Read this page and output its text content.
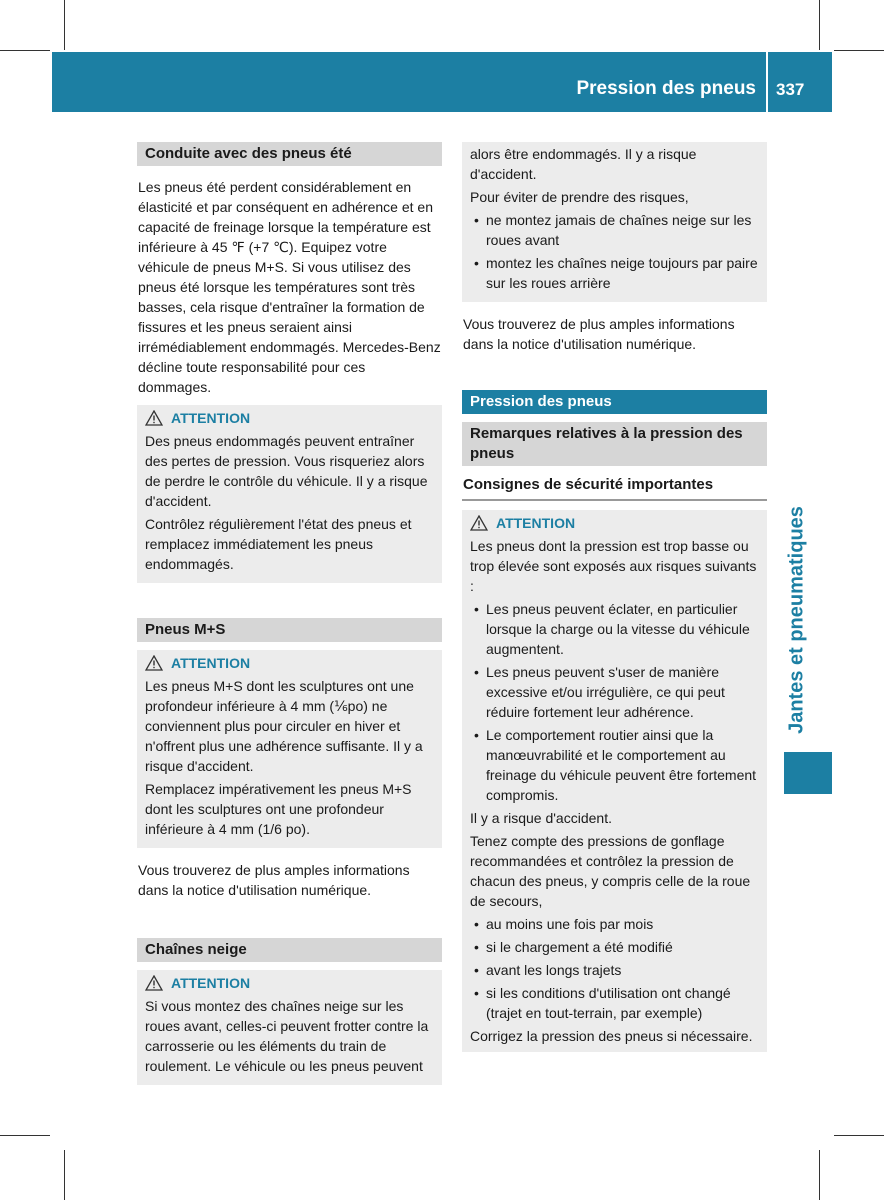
Pression des pneus 337
Jantes et pneumatiques
Conduite avec des pneus été
Les pneus été perdent considérablement en élasticité et par conséquent en adhérence et en capacité de freinage lorsque la température est inférieure à 45 ℉ (+7 ℃). Equipez votre véhicule de pneus M+S. Si vous utilisez des pneus été lorsque les températures sont très basses, cela risque d'entraîner la formation de fissures et les pneus seraient ainsi irrémédiablement endommagés. Mercedes-Benz décline toute responsabilité pour ces dommages.
ATTENTION

Des pneus endommagés peuvent entraîner des pertes de pression. Vous risqueriez alors de perdre le contrôle du véhicule. Il y a risque d'accident.

Contrôlez régulièrement l'état des pneus et remplacez immédiatement les pneus endommagés.

Pneus M+S
ATTENTION

Les pneus M+S dont les sculptures ont une profondeur inférieure à 4 mm (⅙po) ne conviennent plus pour circuler en hiver et n'offrent plus une adhérence suffisante. Il y a risque d'accident.

Remplacez impérativement les pneus M+S dont les sculptures ont une profondeur inférieure à 4 mm (1/6 po).

Vous trouverez de plus amples informations dans la notice d'utilisation numérique.
Chaînes neige
ATTENTION

Si vous montez des chaînes neige sur les roues avant, celles-ci peuvent frotter contre la carrosserie ou les éléments du train de roulement. Le véhicule ou les pneus peuvent

alors être endommagés. Il y a risque d'accident.

Pour éviter de prendre des risques,

• ne montez jamais de chaînes neige sur les roues avant
• montez les chaînes neige toujours par paire sur les roues arrière
Vous trouverez de plus amples informations dans la notice d'utilisation numérique.
Pression des pneus
Remarques relatives à la pression des pneus
Consignes de sécurité importantes
ATTENTION

Les pneus dont la pression est trop basse ou trop élevée sont exposés aux risques suivants :

• Les pneus peuvent éclater, en particulier lorsque la charge ou la vitesse du véhicule augmentent.
• Les pneus peuvent s'user de manière excessive et/ou irrégulière, ce qui peut réduire fortement leur adhérence.
• Le comportement routier ainsi que la manœuvrabilité et le comportement au freinage du véhicule peuvent être fortement compromis.

Il y a risque d'accident.

Tenez compte des pressions de gonflage recommandées et contrôlez la pression de chacun des pneus, y compris celle de la roue de secours,

• au moins une fois par mois
• si le chargement a été modifié
• avant les longs trajets
• si les conditions d'utilisation ont changé (trajet en tout-terrain, par exemple)

Corrigez la pression des pneus si nécessaire.
